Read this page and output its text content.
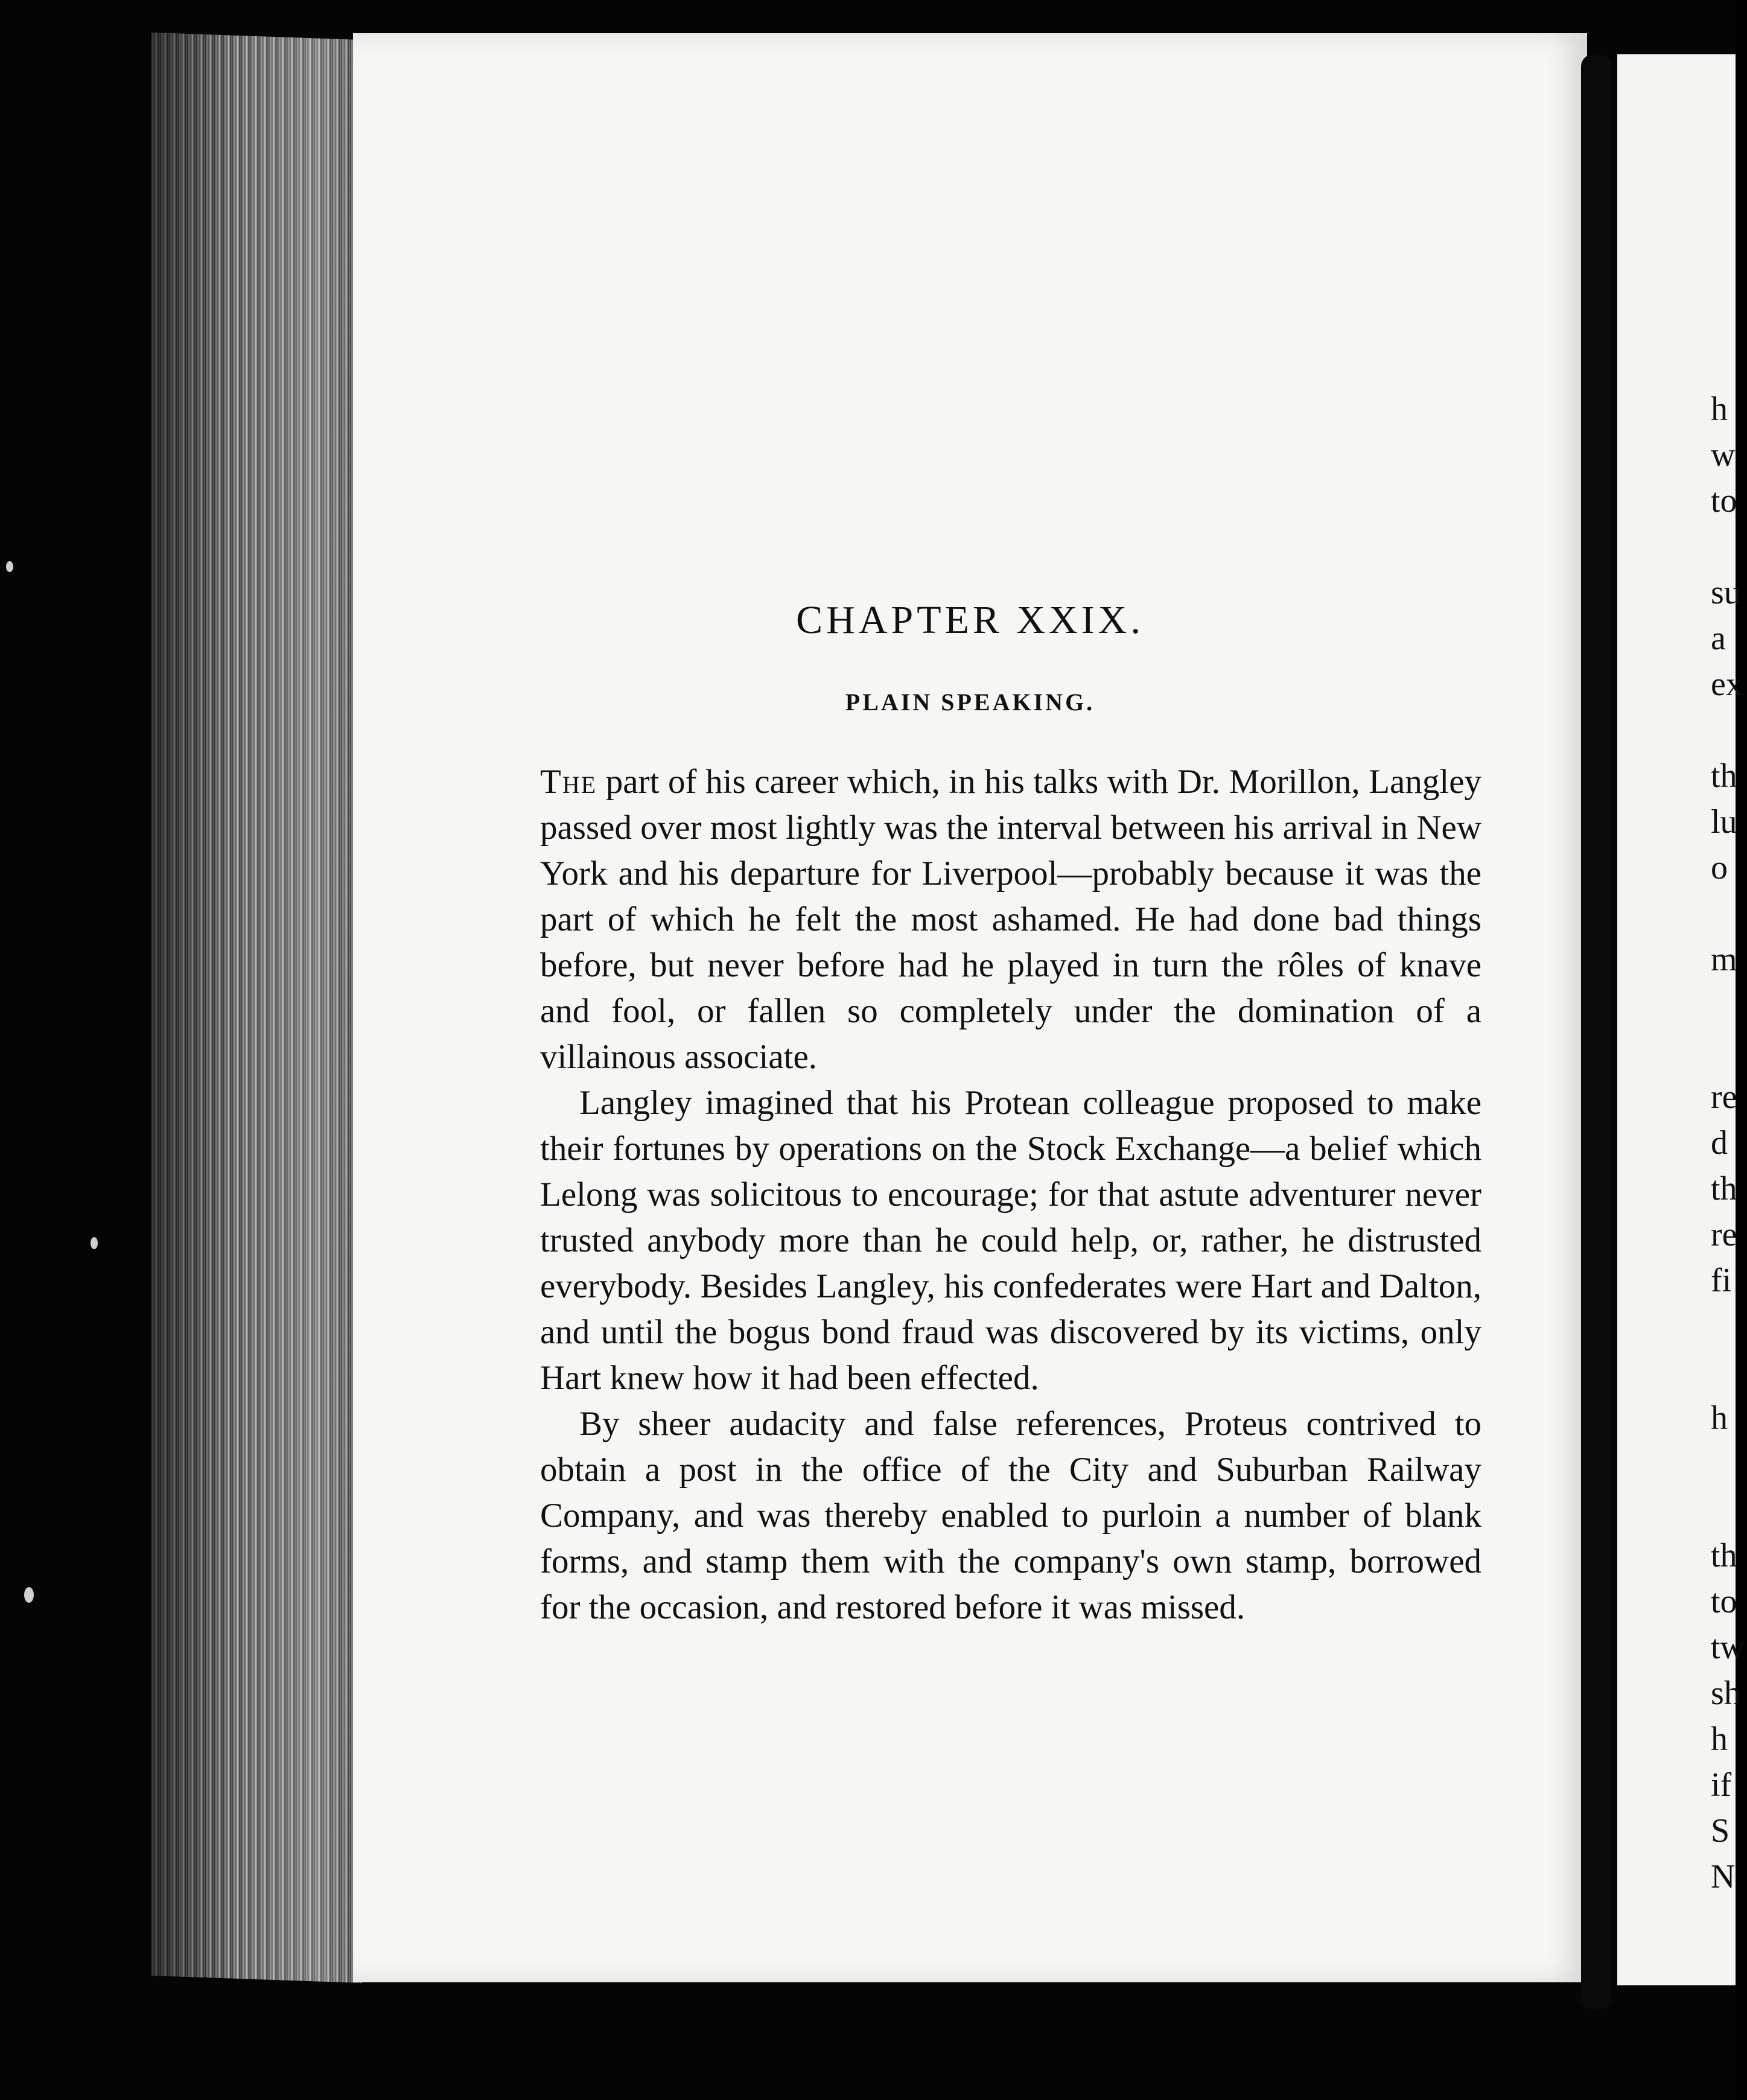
h
w
to

su
a
ex

th
lu
o

m

re
d
th
re
fi

h

th
to
tw
sh
h
if
S
N
CHAPTER XXIX.
PLAIN SPEAKING.

The part of his career which, in his talks with Dr. Morillon, Langley passed over most lightly was the interval between his arrival in New York and his departure for Liverpool—probably because it was the part of which he felt the most ashamed. He had done bad things before, but never before had he played in turn the rôles of knave and fool, or fallen so completely under the domination of a villainous associate.

Langley imagined that his Protean colleague proposed to make their fortunes by operations on the Stock Exchange—a belief which Lelong was solicitous to encourage; for that astute adventurer never trusted anybody more than he could help, or, rather, he distrusted everybody. Besides Langley, his confederates were Hart and Dalton, and until the bogus bond fraud was discovered by its victims, only Hart knew how it had been effected.

By sheer audacity and false references, Proteus contrived to obtain a post in the office of the City and Suburban Railway Company, and was thereby enabled to purloin a number of blank forms, and stamp them with the company's own stamp, borrowed for the occasion, and restored before it was missed.
